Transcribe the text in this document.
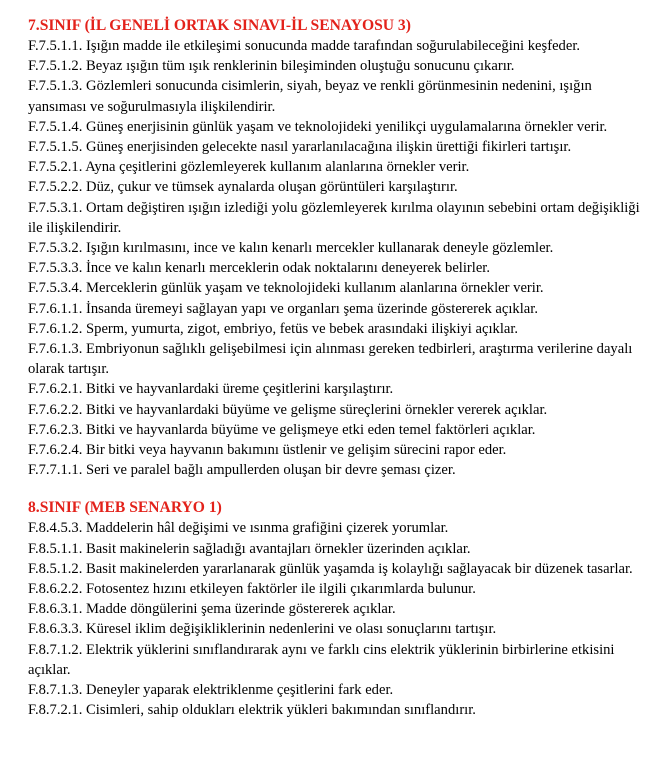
7.SINIF (İL GENELİ ORTAK SINAVI-İL SENAYOSU 3)
F.7.5.1.1. Işığın madde ile etkileşimi sonucunda madde tarafından soğurulabileceğini keşfeder.
F.7.5.1.2. Beyaz ışığın tüm ışık renklerinin bileşiminden oluştuğu sonucunu çıkarır.
F.7.5.1.3. Gözlemleri sonucunda cisimlerin, siyah, beyaz ve renkli görünmesinin nedenini, ışığın yansıması ve soğurulmasıyla ilişkilendirir.
F.7.5.1.4. Güneş enerjisinin günlük yaşam ve teknolojideki yenilikçi uygulamalarına örnekler verir.
F.7.5.1.5. Güneş enerjisinden gelecekte nasıl yararlanılacağına ilişkin ürettiği fikirleri tartışır.
F.7.5.2.1. Ayna çeşitlerini gözlemleyerek kullanım alanlarına örnekler verir.
F.7.5.2.2. Düz, çukur ve tümsek aynalarda oluşan görüntüleri karşılaştırır.
F.7.5.3.1. Ortam değiştiren ışığın izlediği yolu gözlemleyerek kırılma olayının sebebini ortam değişikliği ile ilişkilendirir.
F.7.5.3.2. Işığın kırılmasını, ince ve kalın kenarlı mercekler kullanarak deneyle gözlemler.
F.7.5.3.3. İnce ve kalın kenarlı merceklerin odak noktalarını deneyerek belirler.
F.7.5.3.4. Merceklerin günlük yaşam ve teknolojideki kullanım alanlarına örnekler verir.
F.7.6.1.1. İnsanda üremeyi sağlayan yapı ve organları şema üzerinde göstererek açıklar.
F.7.6.1.2. Sperm, yumurta, zigot, embriyo, fetüs ve bebek arasındaki ilişkiyi açıklar.
F.7.6.1.3. Embriyonun sağlıklı gelişebilmesi için alınması gereken tedbirleri, araştırma verilerine dayalı olarak tartışır.
F.7.6.2.1. Bitki ve hayvanlardaki üreme çeşitlerini karşılaştırır.
F.7.6.2.2. Bitki ve hayvanlardaki büyüme ve gelişme süreçlerini örnekler vererek açıklar.
F.7.6.2.3. Bitki ve hayvanlarda büyüme ve gelişmeye etki eden temel faktörleri açıklar.
F.7.6.2.4. Bir bitki veya hayvanın bakımını üstlenir ve gelişim sürecini rapor eder.
F.7.7.1.1. Seri ve paralel bağlı ampullerden oluşan bir devre şeması çizer.
8.SINIF (MEB SENARYO 1)
F.8.4.5.3. Maddelerin hâl değişimi ve ısınma grafiğini çizerek yorumlar.
F.8.5.1.1. Basit makinelerin sağladığı avantajları örnekler üzerinden açıklar.
F.8.5.1.2. Basit makinelerden yararlanarak günlük yaşamda iş kolaylığı sağlayacak bir düzenek tasarlar.
F.8.6.2.2. Fotosentez hızını etkileyen faktörler ile ilgili çıkarımlarda bulunur.
F.8.6.3.1. Madde döngülerini şema üzerinde göstererek açıklar.
F.8.6.3.3. Küresel iklim değişikliklerinin nedenlerini ve olası sonuçlarını tartışır.
F.8.7.1.2. Elektrik yüklerini sınıflandırarak aynı ve farklı cins elektrik yüklerinin birbirlerine etkisini açıklar.
F.8.7.1.3. Deneyler yaparak elektriklenme çeşitlerini fark eder.
F.8.7.2.1. Cisimleri, sahip oldukları elektrik yükleri bakımından sınıflandırır.
